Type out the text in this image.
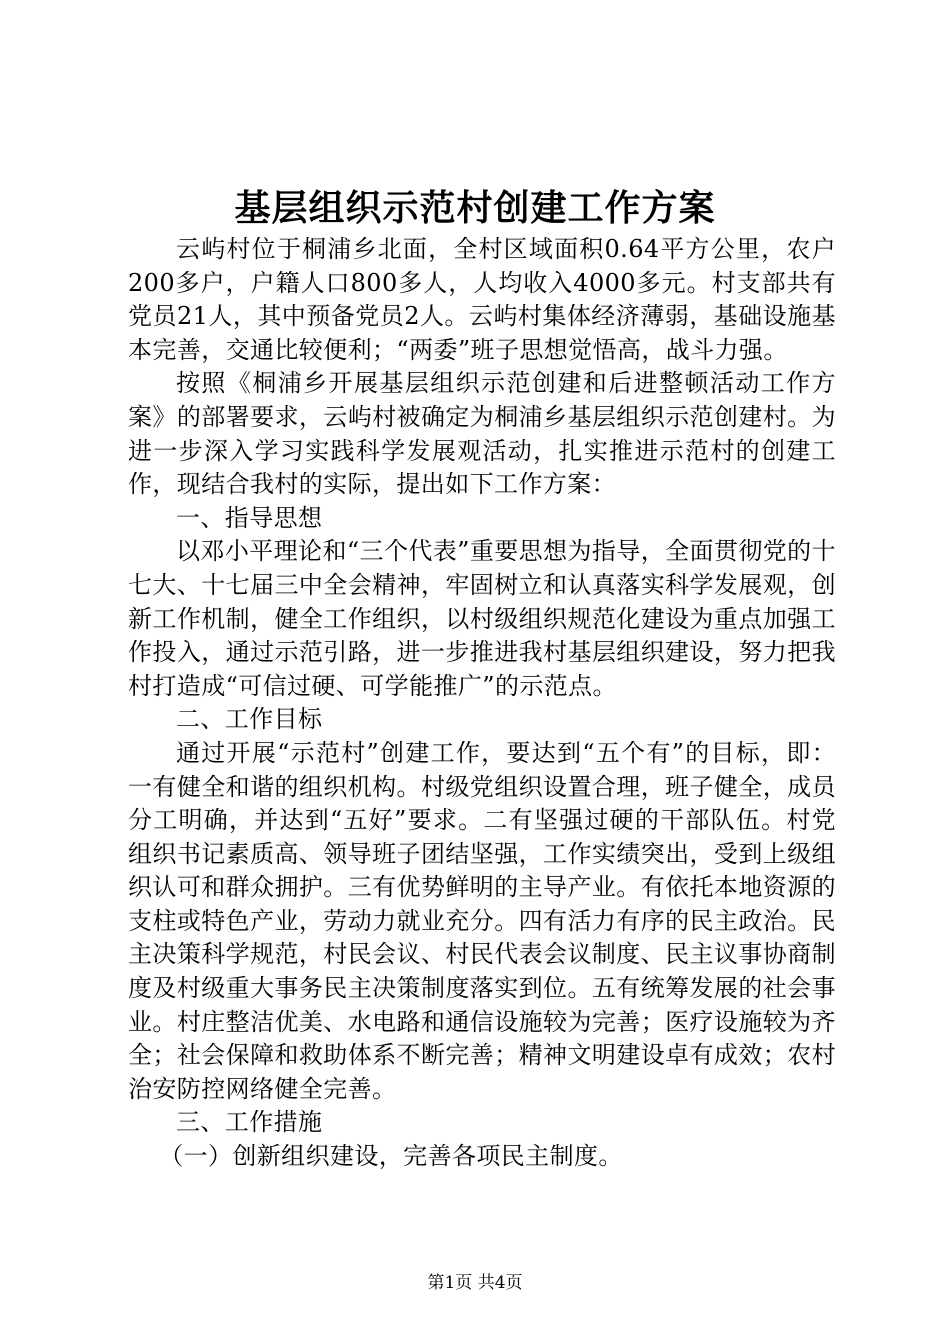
基层组织示范村创建工作方案

云屿村位于桐浦乡北面，全村区域面积0.64平方公里，农户200多户，户籍人口800多人，人均收入4000多元。村支部共有党员21人，其中预备党员2人。云屿村集体经济薄弱，基础设施基本完善，交通比较便利；“两委”班子思想觉悟高，战斗力强。

按照《桐浦乡开展基层组织示范创建和后进整顿活动工作方案》的部署要求，云屿村被确定为桐浦乡基层组织示范创建村。为进一步深入学习实践科学发展观活动，扎实推进示范村的创建工作，现结合我村的实际，提出如下工作方案：

一、指导思想

以邓小平理论和“三个代表”重要思想为指导，全面贯彻党的十七大、十七届三中全会精神，牢固树立和认真落实科学发展观，创新工作机制，健全工作组织，以村级组织规范化建设为重点加强工作投入，通过示范引路，进一步推进我村基层组织建设，努力把我村打造成“可信过硬、可学能推广”的示范点。

二、工作目标

通过开展“示范村”创建工作，要达到“五个有”的目标，即：一有健全和谐的组织机构。村级党组织设置合理，班子健全，成员分工明确，并达到“五好”要求。二有坚强过硬的干部队伍。村党组织书记素质高、领导班子团结坚强，工作实绩突出，受到上级组织认可和群众拥护。三有优势鲜明的主导产业。有依托本地资源的支柱或特色产业，劳动力就业充分。四有活力有序的民主政治。民主决策科学规范，村民会议、村民代表会议制度、民主议事协商制度及村级重大事务民主决策制度落实到位。五有统筹发展的社会事业。村庄整洁优美、水电路和通信设施较为完善；医疗设施较为齐全；社会保障和救助体系不断完善；精神文明建设卓有成效；农村治安防控网络健全完善。

三、工作措施

（一）创新组织建设，完善各项民主制度。

第1页 共4页
